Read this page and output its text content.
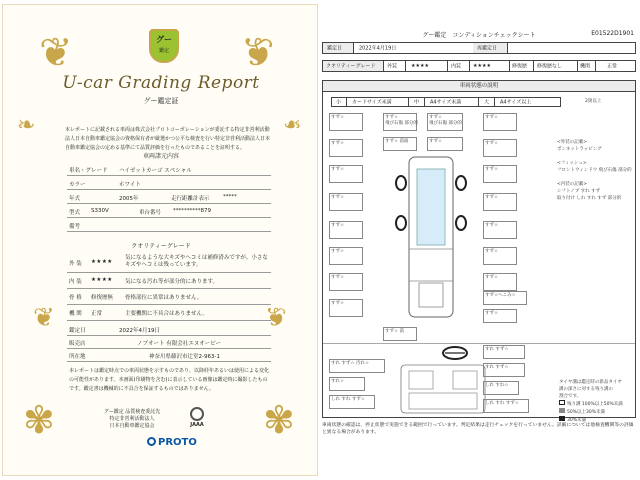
❦	❦
❧	❧
✾	✾
❦	❦
グー
鑑定
U-car Grading Report
グー鑑定証
本レポートに記載される車両は株式会社プロトコーポレーションが委託する特定非営利活動法人日本自動車鑑定協会の資格保有者が厳選かつ公平な検査を行い特定非営利活動法人日本自動車鑑定協会の定める基準にて品質評価を行ったものであることを証明する。
車両諸元内容
車名・グレード ハイゼットカーゴ スペシャル
カラー	ホワイト
年式	2005年	走行距離計表示 *****
型式 S330V	車台番号 **********879
備考
クオリティーグレード
外 装 ★★★★
気になるような大キズやへコミは補修済みですが、小さなキズやヘコミは残っています。
内 装 ★★★★ 気になる汚れ等が部分的にあります。
骨 格 修復歴無 骨格部位に異常はありません。
機 関 正常	主要機関に不具合はありません。
鑑定日	2022年4月19日
販売店	ノブオート 有限会社エヌオーピー
所在地	神奈川県藤沢市辻堂2-963-1
本レポートは鑑定時点での車両状態を示すものであり、以降経年あるいは使用による変化の可能性があります。本画面(印刷物を含む)に表示している画像は鑑定時に撮影したものです。鑑定書は機械的に不具合を保証するものではありません。
グー鑑定 品質検査委託先
特定非営利活動法人
日本自動車鑑定協会	JAAA
PROTO
グー鑑定　コンディションチェックシート	E01522D1901
鑑定日	2022年4月19日	再鑑定日
クオリティーグレード 外装	★★★★	内装 ★★★★	修復歴 修復歴なし	機関	正常
車両状態の説明
小 カードサイズ未満	中 A4サイズ未満	大 A4サイズ以上	2箇以上
すず☆
すず☆
すず☆
すず☆
すず☆
すず☆
すず☆
すず☆
すず☆
飛び石傷 部分的
すず☆
飛び石傷 部分的
すず☆ 前面	すず☆
すず☆ 前
すず☆
すず☆
すず☆
すず☆
すず☆
すず☆
すず☆
すず☆へこみ☆
すず☆
<外装の記載>
ボンネットラッピング

<フィッシュ>
フロントウィンドウ 飛び石傷 部分的

<内装の記載>
シフトノブ すれ すず
取り付け しれ すれ すず 部分的
すれ すず☆ 汚れ☆
すれ☆
しれ すれ すず☆
すれ すず☆
すれ すず☆
しれ すれ☆
しれ すれ すず☆
タイヤ溝は鑑定時の新品タイヤ
溝の深さに対する残り溝の
割合です。
残り溝 100%以上50%未満
50%以上30%未満
30%未満
車両状態の確認は、停止状態で実施できる範囲で行っています。判定結果は走行チェックを行っていません。詳細については他検査機関等の評価と異なる場合があります。
